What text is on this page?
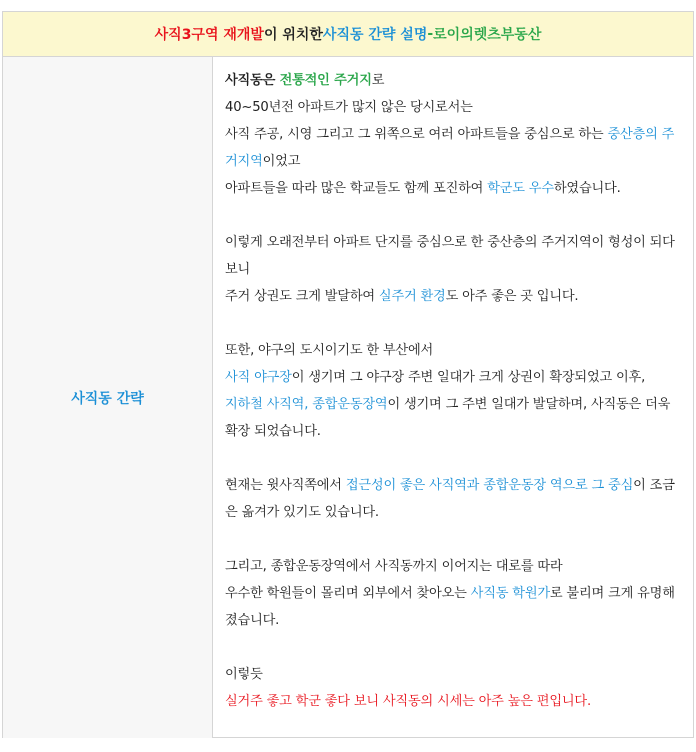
사직3구역 재개발 이 위치한 사직동 간략 설명 - 로이의렛츠부동산
사직동 간략
사직동은 전통적인 주거지로
40~50년전 아파트가 많지 않은 당시로서는
사직 주공, 시영 그리고 그 위쪽으로 여러 아파트들을 중심으로 하는 중산층의 주거지역이었고
아파트들을 따라 많은 학교들도 함께 포진하여 학군도 우수하였습니다.
이렇게 오래전부터 아파트 단지를 중심으로 한 중산층의 주거지역이 형성이 되다 보니
주거 상권도 크게 발달하여 실주거 환경도 아주 좋은 곳 입니다.
또한, 야구의 도시이기도 한 부산에서
사직 야구장이 생기며 그 야구장 주변 일대가 크게 상권이 확장되었고 이후,
지하철 사직역, 종합운동장역이 생기며 그 주변 일대가 발달하며, 사직동은 더욱 확장 되었습니다.
현재는 윗사직쪽에서 접근성이 좋은 사직역과 종합운동장 역으로 그 중심이 조금은 옮겨가 있기도 있습니다.
그리고, 종합운동장역에서 사직동까지 이어지는 대로를 따라
우수한 학원들이 몰리며 외부에서 찾아오는 사직동 학원가로 불리며 크게 유명해졌습니다.
이렇듯
실거주 좋고 학군 좋다 보니 사직동의 시세는 아주 높은 편입니다.
